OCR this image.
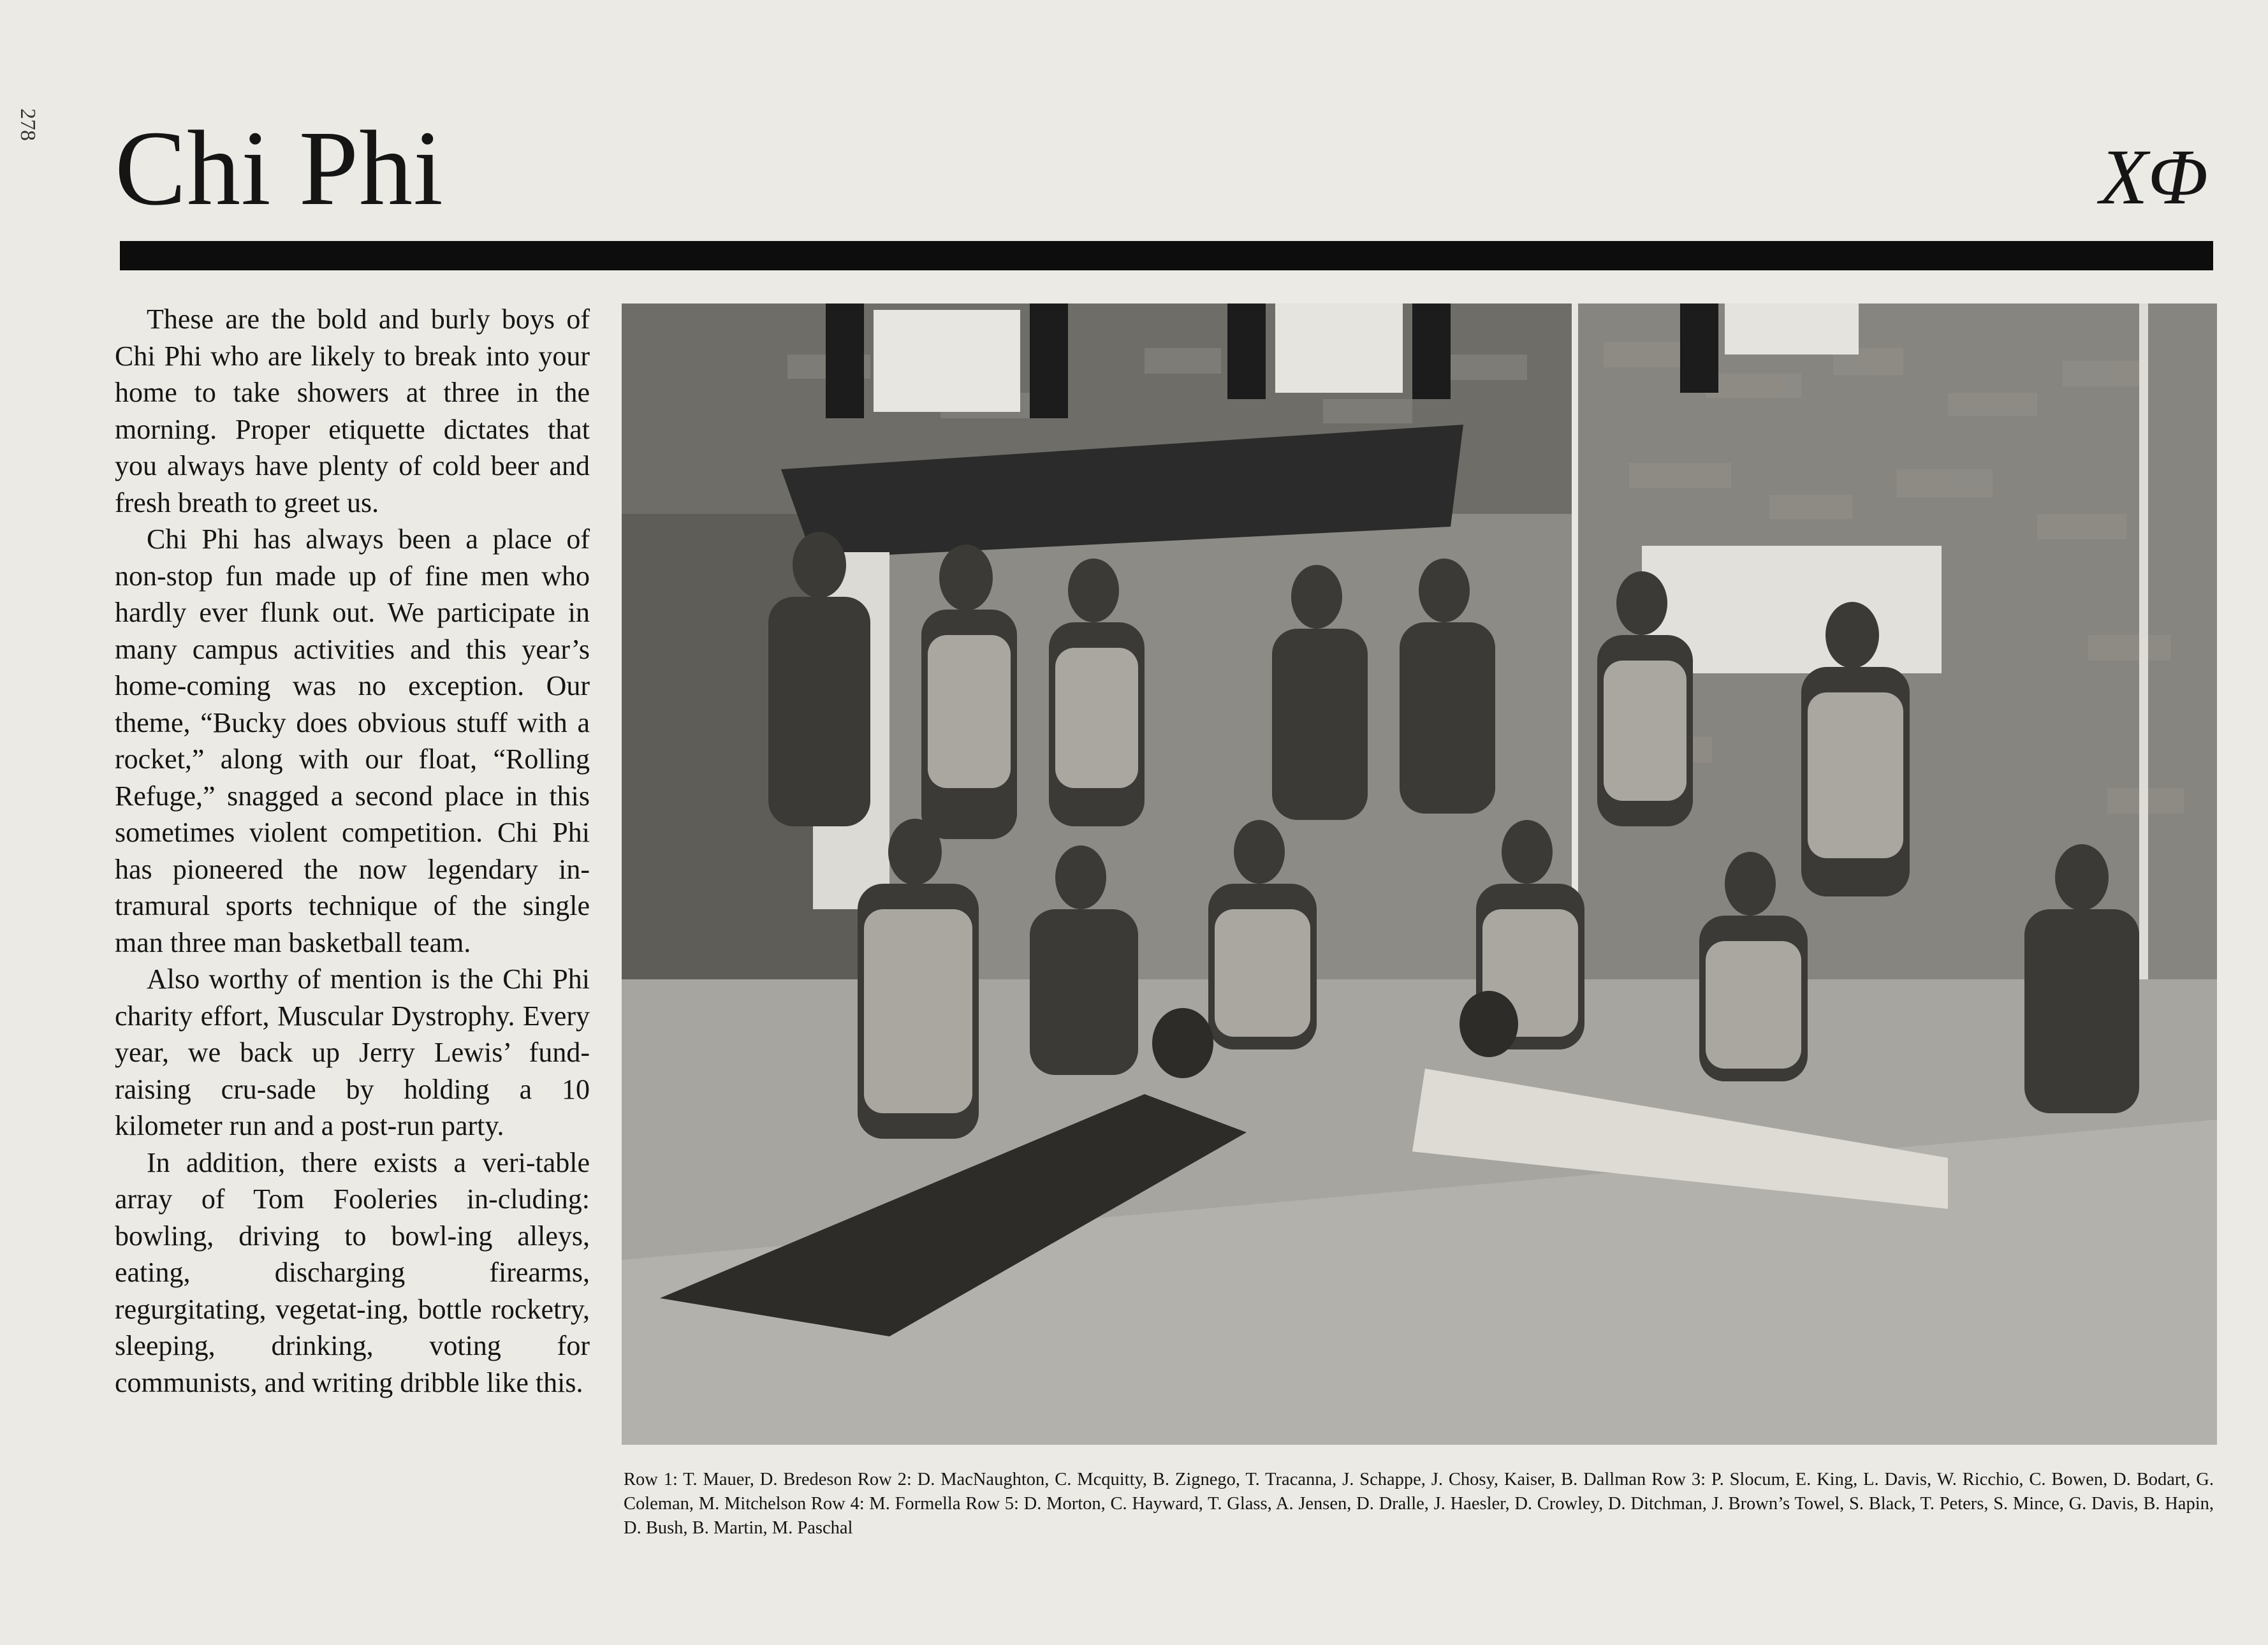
278 Chi Phi	XΦ

These are the bold and burly boys of Chi Phi who are likely to break into your home to take showers at three in the morning. Proper etiquette dictates that you always have plenty of cold beer and fresh breath to greet us.

Chi Phi has always been a place of non-stop fun made up of fine men who hardly ever flunk out. We participate in many campus activities and this year’s home-coming was no exception. Our theme, “Bucky does obvious stuff with a rocket,” along with our float, “Rolling Refuge,” snagged a second place in this sometimes violent competition. Chi Phi has pioneered the now legendary in-tramural sports technique of the single man three man basketball team.

Also worthy of mention is the Chi Phi charity effort, Muscular Dystrophy. Every year, we back up Jerry Lewis’ fund-raising cru-sade by holding a 10 kilometer run and a post-run party.

In addition, there exists a veri-table array of Tom Fooleries in-cluding: bowling, driving to bowl-ing alleys, eating, discharging firearms, regurgitating, vegetat-ing, bottle rocketry, sleeping, drinking, voting for communists, and writing dribble like this.

Row 1: T. Mauer, D. Bredeson Row 2: D. MacNaughton, C. Mcquitty, B. Zignego, T. Tracanna, J. Schappe, J. Chosy, Kaiser, B. Dallman Row 3: P. Slocum, E. King, L. Davis, W. Ricchio, C. Bowen, D. Bodart, G. Coleman, M. Mitchelson Row 4: M. Formella Row 5: D. Morton, C. Hayward, T. Glass, A. Jensen, D. Dralle, J. Haesler, D. Crowley, D. Ditchman, J. Brown’s Towel, S. Black, T. Peters, S. Mince, G. Davis, B. Hapin, D. Bush, B. Martin, M. Paschal
